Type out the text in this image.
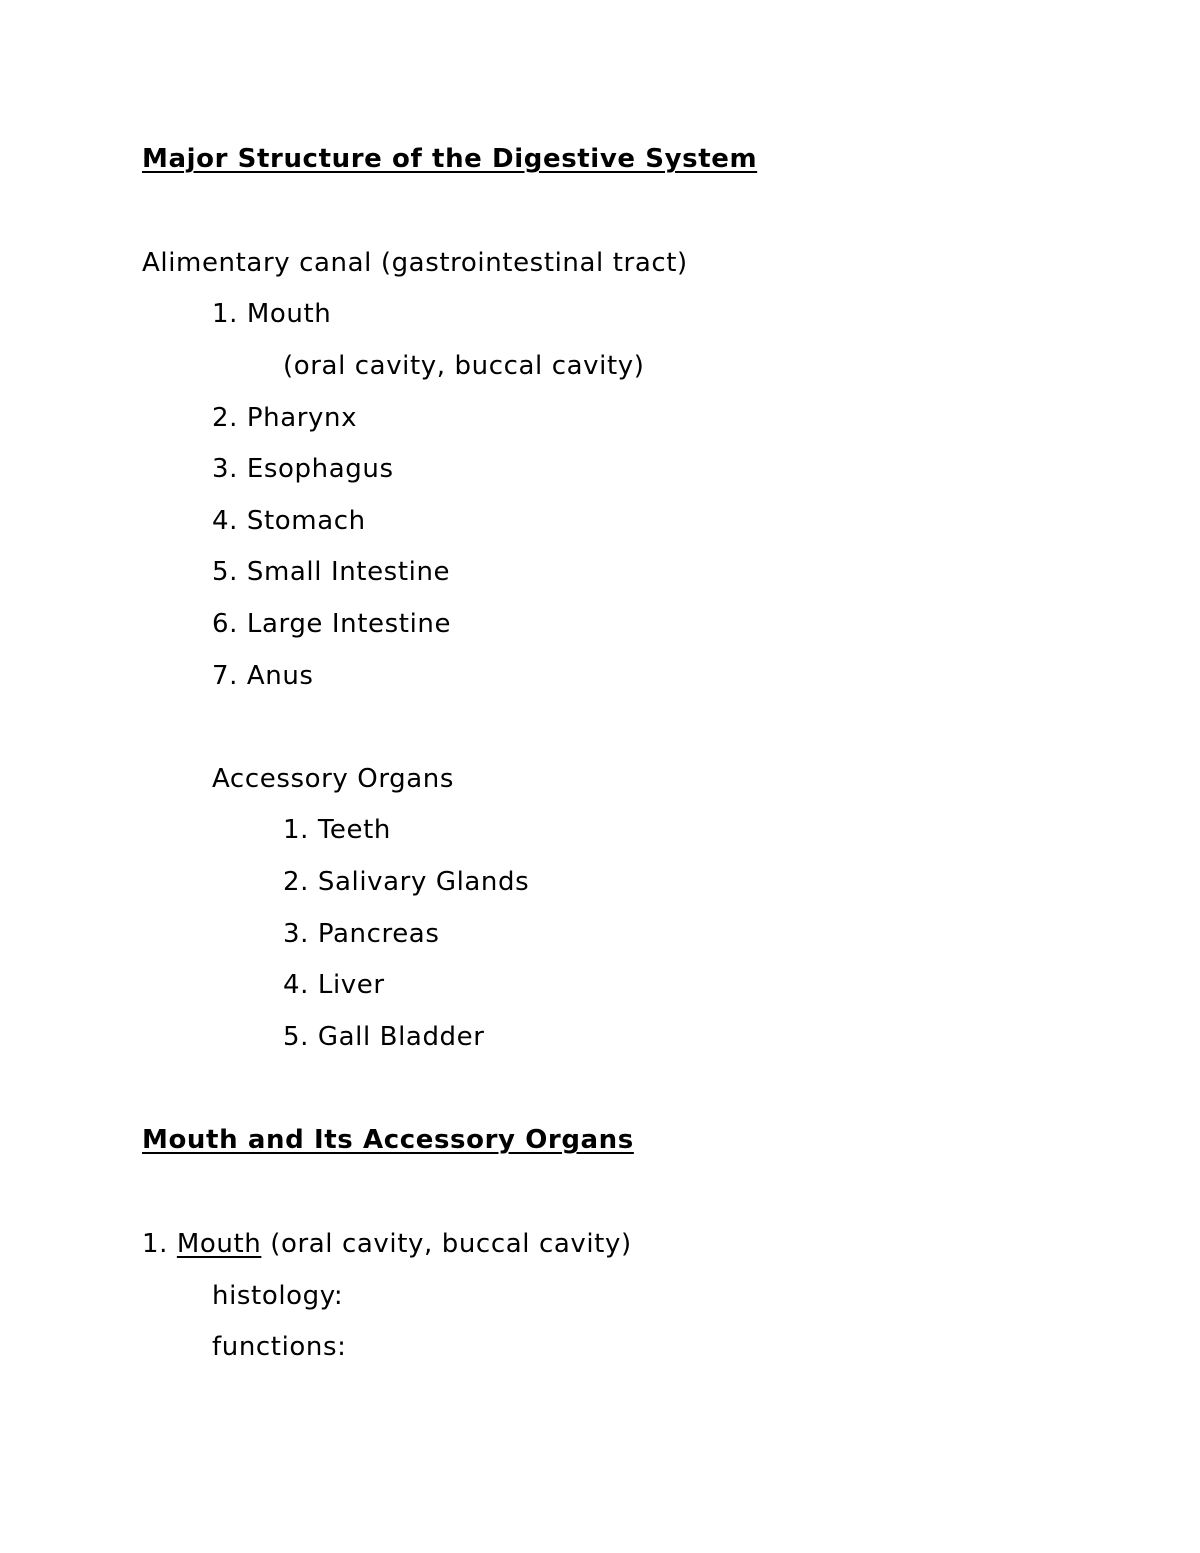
Major Structure of the Digestive System
Alimentary canal (gastrointestinal tract)
1. Mouth
(oral cavity, buccal cavity)
2. Pharynx
3. Esophagus
4. Stomach
5. Small Intestine
6. Large Intestine
7. Anus
Accessory Organs
1. Teeth
2. Salivary Glands
3. Pancreas
4. Liver
5. Gall Bladder
Mouth and Its Accessory Organs
1. Mouth (oral cavity, buccal cavity)
histology:
functions:
